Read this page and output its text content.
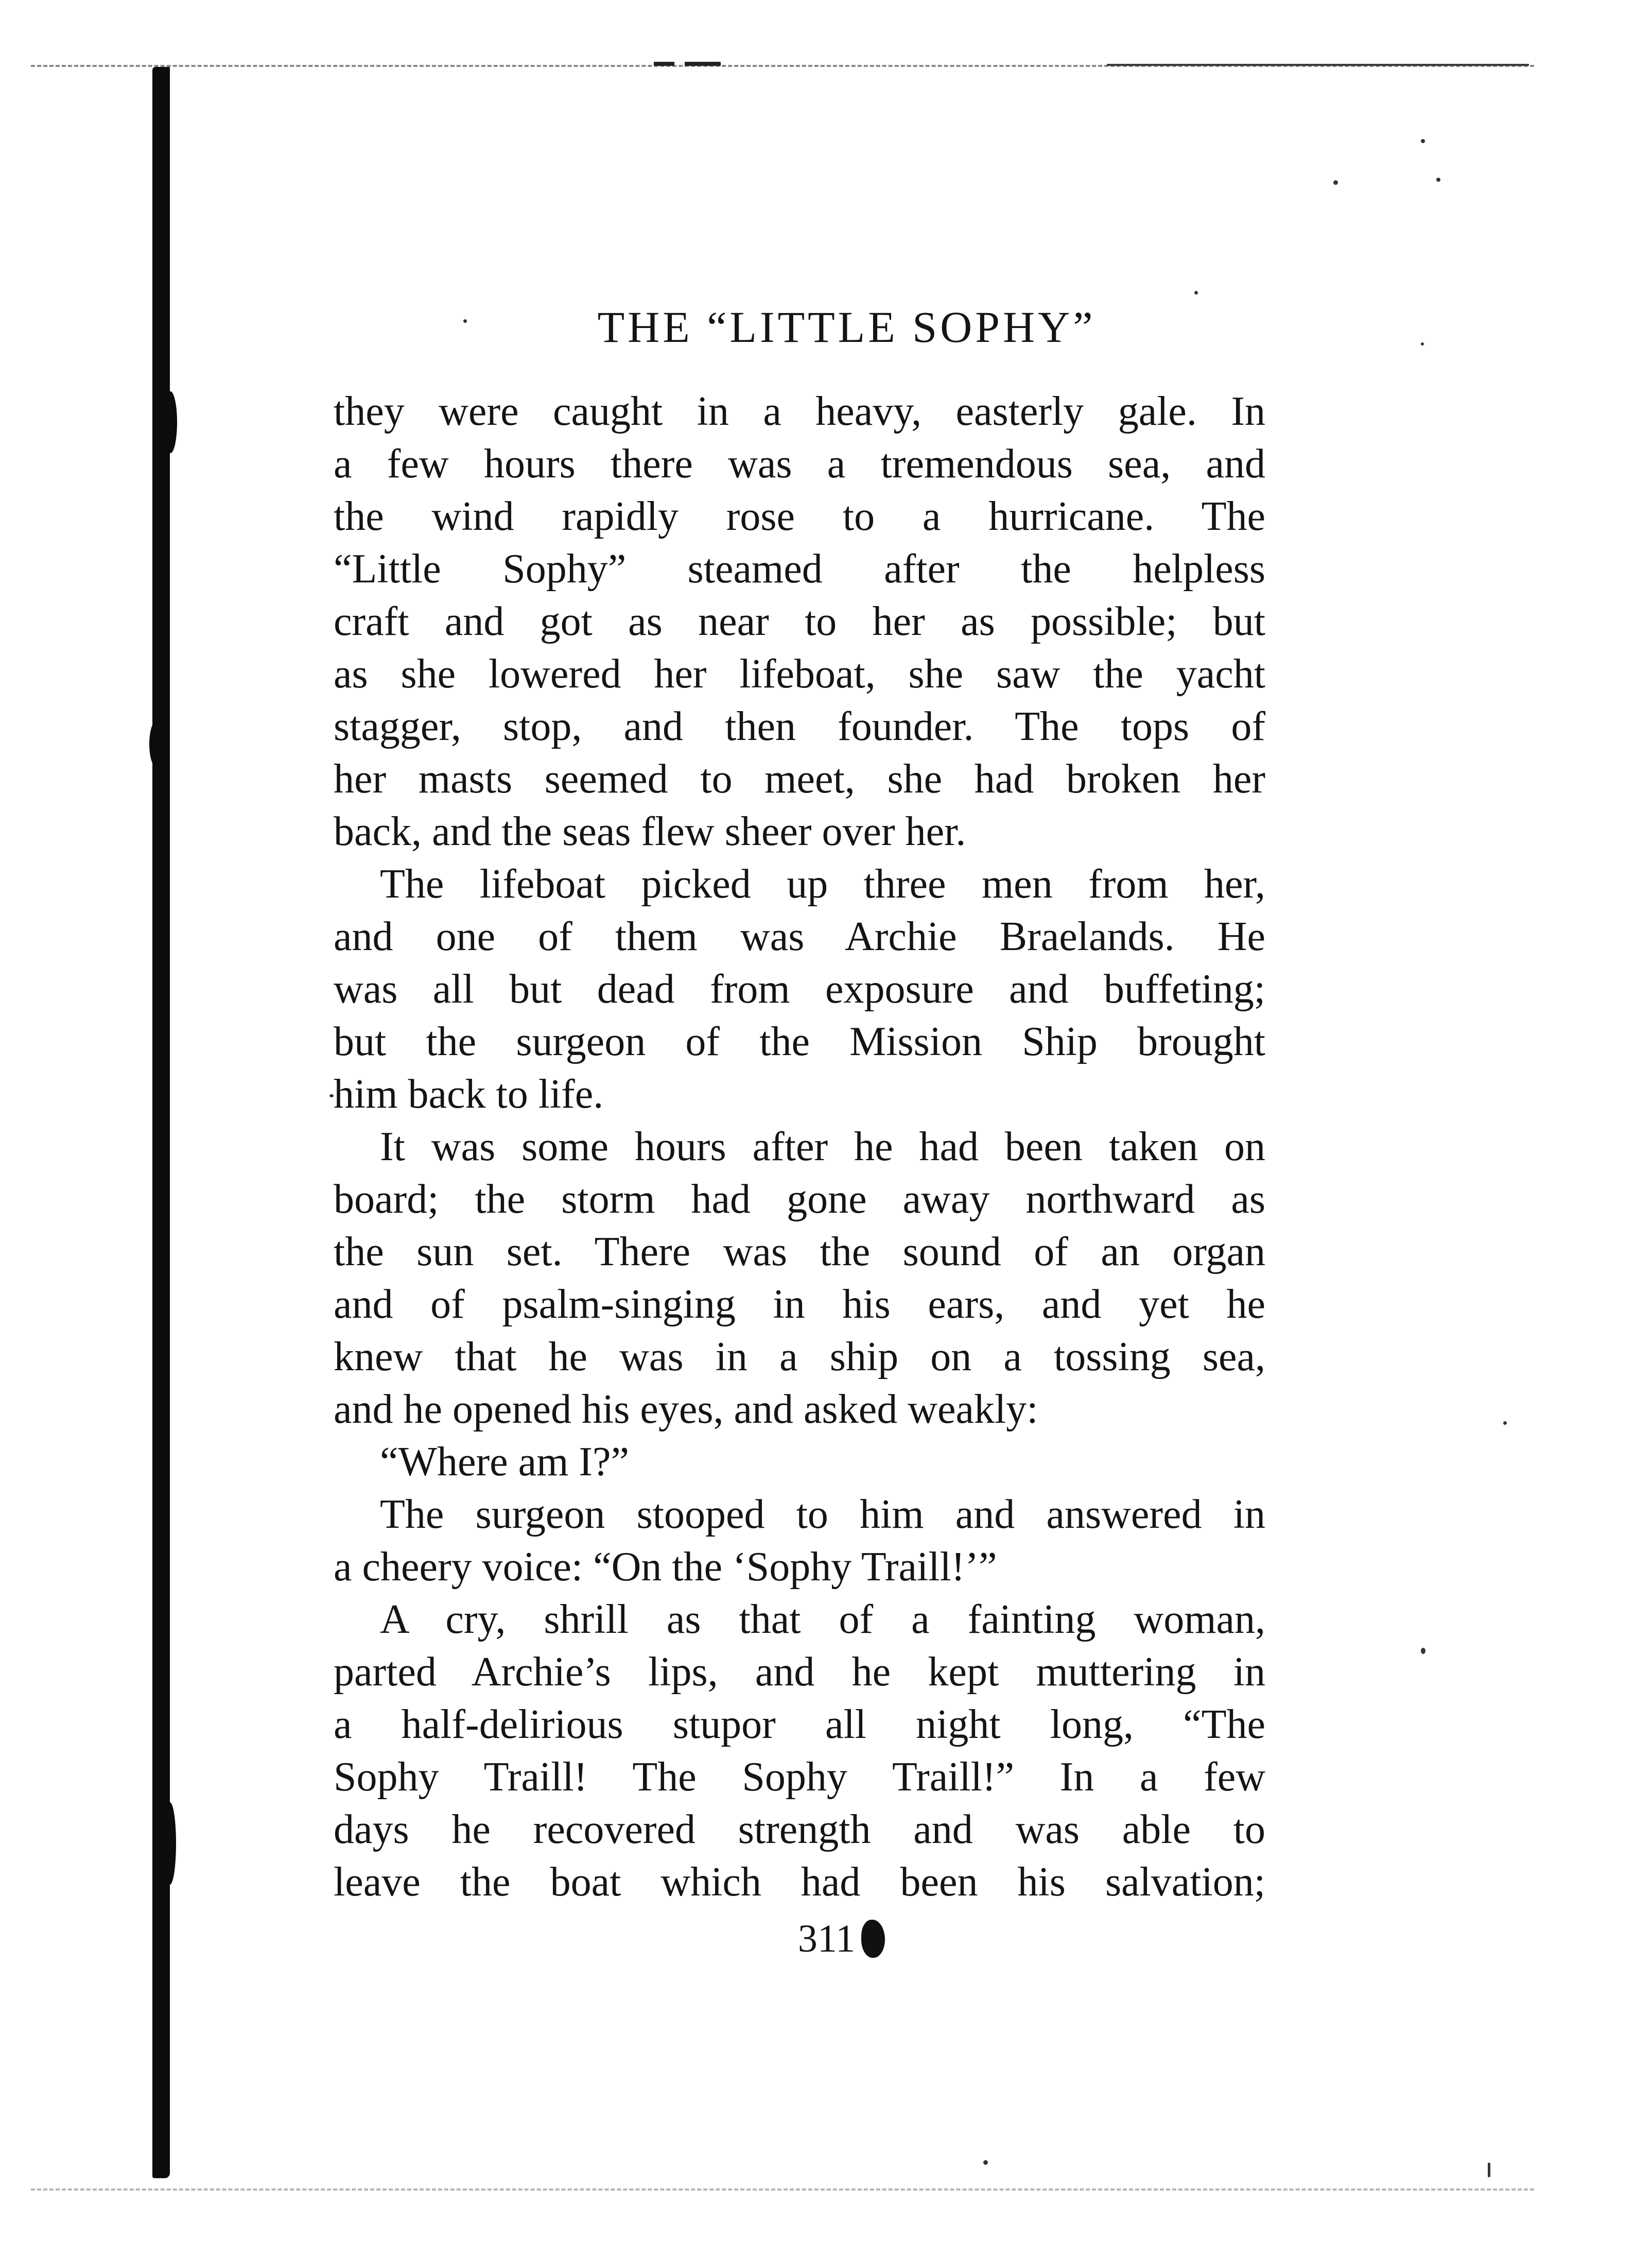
THE “LITTLE SOPHY”

they were caught in a heavy, easterly gale. In
a few hours there was a tremendous sea, and
the wind rapidly rose to a hurricane. The
“Little Sophy” steamed after the helpless
craft and got as near to her as possible; but
as she lowered her lifeboat, she saw the yacht
stagger, stop, and then founder. The tops of
her masts seemed to meet, she had broken her
back, and the seas flew sheer over her.

The lifeboat picked up three men from her,
and one of them was Archie Braelands. He
was all but dead from exposure and buffeting;
but the surgeon of the Mission Ship brought
him back to life.

It was some hours after he had been taken on
board; the storm had gone away northward as
the sun set. There was the sound of an organ
and of psalm-singing in his ears, and yet he
knew that he was in a ship on a tossing sea,
and he opened his eyes, and asked weakly:

“Where am I?”

The surgeon stooped to him and answered in
a cheery voice: “On the ‘Sophy Traill!’”

A cry, shrill as that of a fainting woman,
parted Archie’s lips, and he kept muttering in
a half-delirious stupor all night long, “The
Sophy Traill! The Sophy Traill!” In a few
days he recovered strength and was able to
leave the boat which had been his salvation;

311
